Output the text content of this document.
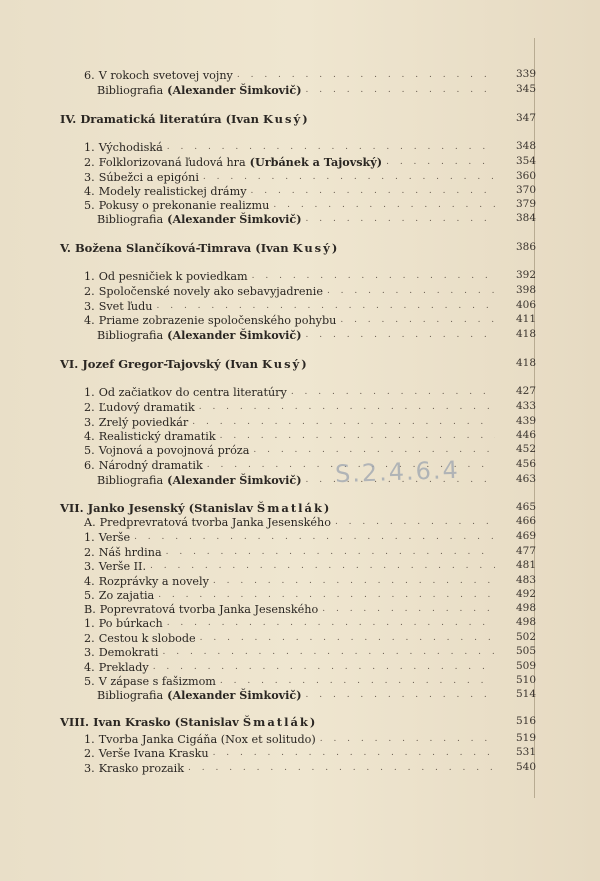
6. V rokoch svetovej vojny . . .	339
Bibliografia (Alexander Šimkovič) . . .	345
IV. Dramatická literatúra (Ivan Kusý)	347
1. Východiská . . .	348
2. Folklorizovaná ľudová hra (Urbánek a Tajovský) . . .	354
3. Súbežci a epigóni . . .	360
4. Modely realistickej drámy . . .	370
5. Pokusy o prekonanie realizmu . . .	379
Bibliografia (Alexander Šimkovič) . . .	384
V. Božena Slančíková-Timrava (Ivan Kusý)	386
1. Od pesničiek k poviedkam . . .	392
2. Spoločenské novely ako sebavyjadrenie . . .	398
3. Svet ľudu . . .	406
4. Priame zobrazenie spoločenského pohybu . . .	411
Bibliografia (Alexander Šimkovič) . . .	418
VI. Jozef Gregor-Tajovský (Ivan Kusý)	418
1. Od začiatkov do centra literatúry . . .	427
2. Ľudový dramatik . . .	433
3. Zrelý poviedkár . . .	439
4. Realistický dramatik . . .	446
5. Vojnová a povojnová próza . . .	452
6. Národný dramatik . . .	456
Bibliografia (Alexander Šimkovič) . . .	463
VII. Janko Jesenský (Stanislav Šmatlák)	465
A. Predprevratová tvorba Janka Jesenského . . .	466
1. Verše . . .	469
2. Náš hrdina . . .	477
3. Verše II. . . .	481
4. Rozprávky a novely . . .	483
5. Zo zajatia . . .	492
B. Poprevratová tvorba Janka Jesenského . . .	498
1. Po búrkach . . .	498
2. Cestou k slobode . . .	502
3. Demokrati . . .	505
4. Preklady . . .	509
5. V zápase s fašizmom . . .	510
Bibliografia (Alexander Šimkovič) . . .	514
VIII. Ivan Krasko (Stanislav Šmatlák)	516
1. Tvorba Janka Cigáňa (Nox et solitudo) . . .	519
2. Verše Ivana Krasku . . .	531
3. Krasko prozaik . . .	540
S.2.4.6.4
